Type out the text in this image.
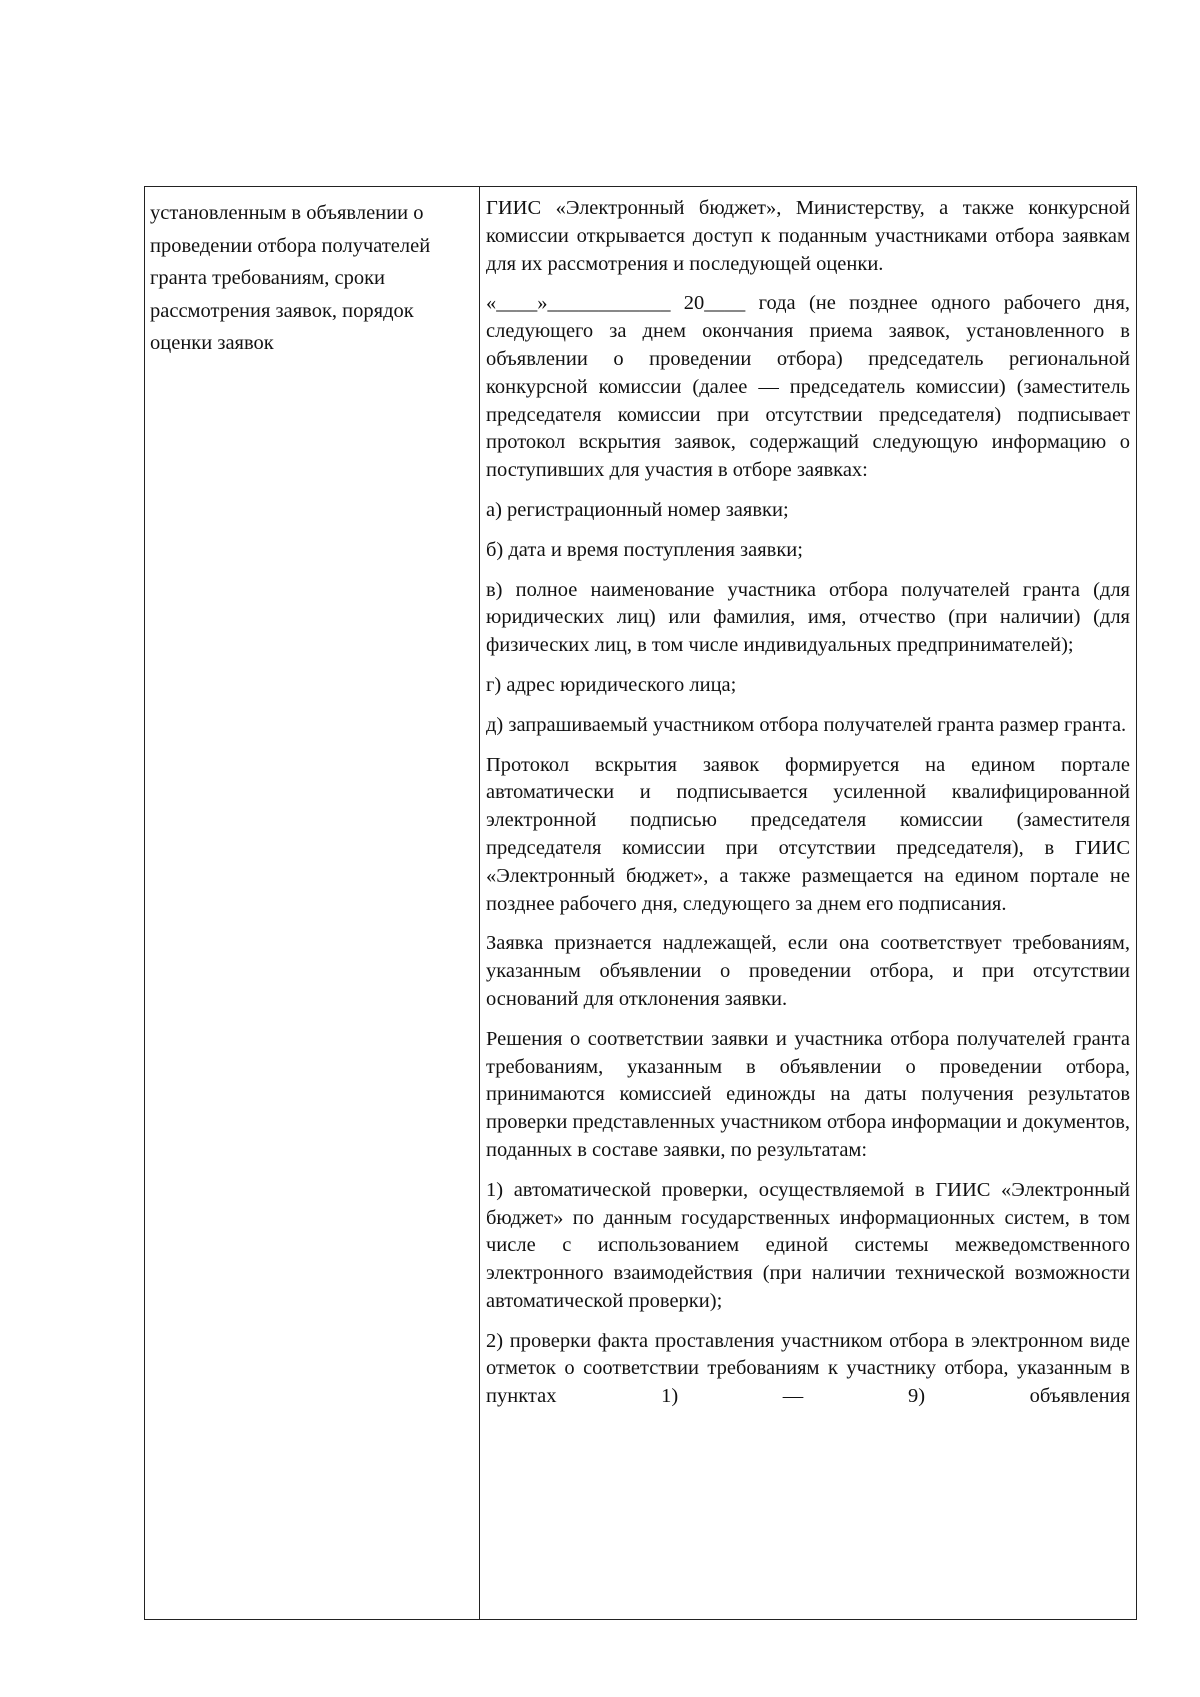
установленным в объявлении о проведении отбора получателей гранта требованиям, сроки рассмотрения заявок, порядок оценки заявок

ГИИС «Электронный бюджет», Министерству, а также конкурсной комиссии открывается доступ к поданным участниками отбора заявкам для их рассмотрения и последующей оценки.

«____»____________ 20____ года (не позднее одного рабочего дня, следующего за днем окончания приема заявок, установленного в объявлении о проведении отбора) председатель региональной конкурсной комиссии (далее — председатель комиссии) (заместитель председателя комиссии при отсутствии председателя) подписывает протокол вскрытия заявок, содержащий следующую информацию о поступивших для участия в отборе заявках:

а) регистрационный номер заявки;

б) дата и время поступления заявки;

в) полное наименование участника отбора получателей гранта (для юридических лиц) или фамилия, имя, отчество (при наличии) (для физических лиц, в том числе индивидуальных предпринимателей);

г) адрес юридического лица;

д) запрашиваемый участником отбора получателей гранта размер гранта.

Протокол вскрытия заявок формируется на едином портале автоматически и подписывается усиленной квалифицированной электронной подписью председателя комиссии (заместителя председателя комиссии при отсутствии председателя), в ГИИС «Электронный бюджет», а также размещается на едином портале не позднее рабочего дня, следующего за днем его подписания.

Заявка признается надлежащей, если она соответствует требованиям, указанным объявлении о проведении отбора, и при отсутствии оснований для отклонения заявки.

Решения о соответствии заявки и участника отбора получателей гранта требованиям, указанным в объявлении о проведении отбора, принимаются комиссией единожды на даты получения результатов проверки представленных участником отбора информации и документов, поданных в составе заявки, по результатам:

1) автоматической проверки, осуществляемой в ГИИС «Электронный бюджет» по данным государственных информационных систем, в том числе с использованием единой системы межведомственного электронного взаимодействия (при наличии технической возможности автоматической проверки);

2) проверки факта проставления участником отбора в электронном виде отметок о соответствии требованиям к участнику отбора, указанным в пунктах 1) — 9) объявления
